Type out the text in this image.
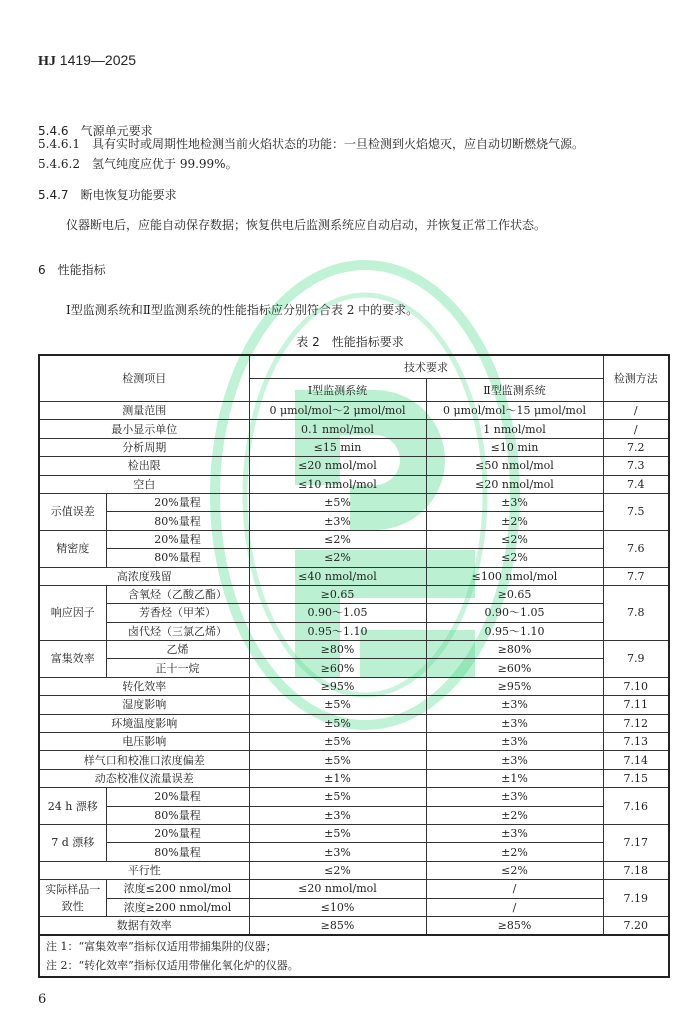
HJ 1419—2025
5.4.6　 气源单元要求
5.4.6.1　 具有实时或周期性地检测当前火焰状态的功能：一旦检测到火焰熄灭，应自动切断燃烧气源。
5.4.6.2　 氢气纯度应优于 99.99%。
5.4.7　 断电恢复功能要求
仪器断电后，应能自动保存数据；恢复供电后监测系统应自动启动，并恢复正常工作状态。
6　 性能指标
Ⅰ型监测系统和Ⅱ型监测系统的性能指标应分别符合表 2 中的要求。
表 2　性能指标要求
检测项目		技术要求		检测方法
		Ⅰ型监测系统	Ⅱ型监测系统	
测量范围		0 μmol/mol～2 μmol/mol	0 μmol/mol～15 μmol/mol	/
最小显示单位		0.1 nmol/mol	1 nmol/mol	/
分析周期		≤15 min	≤10 min	7.2
检出限		≤20 nmol/mol	≤50 nmol/mol	7.3
空白		≤10 nmol/mol	≤20 nmol/mol	7.4
示值误差	20%量程	±5%	±3%	7.5
	80%量程	±3%	±2%	
精密度	20%量程	≤2%	≤2%	7.6
	80%量程	≤2%	≤2%	
高浓度残留		≤40 nmol/mol	≤100 nmol/mol	7.7
响应因子	含氧烃（乙酸乙酯）	≥0.65	≥0.65	7.8
	芳香烃（甲苯）	0.90～1.05	0.90～1.05	
	卤代烃（三氯乙烯）	0.95～1.10	0.95～1.10	
富集效率	乙烯	≥80%	≥80%	7.9
	正十一烷	≥60%	≥60%	
转化效率		≥95%	≥95%	7.10
湿度影响		±5%	±3%	7.11
环境温度影响		±5%	±3%	7.12
电压影响		±5%	±3%	7.13
样气口和校准口浓度偏差		±5%	±3%	7.14
动态校准仪流量误差		±1%	±1%	7.15
24 h 漂移	20%量程	±5%	±3%	7.16
	80%量程	±3%	±2%	
7 d 漂移	20%量程	±5%	±3%	7.17
	80%量程	±3%	±2%	
平行性		≤2%	≤2%	7.18
实际样品一致性	浓度≤200 nmol/mol	≤20 nmol/mol	/	7.19
	浓度≥200 nmol/mol	≤10%	/	
数据有效率		≥85%	≥85%	7.20

注 1：“富集效率”指标仅适用带捕集阱的仪器；
注 2：“转化效率”指标仅适用带催化氧化炉的仪器。				
6
